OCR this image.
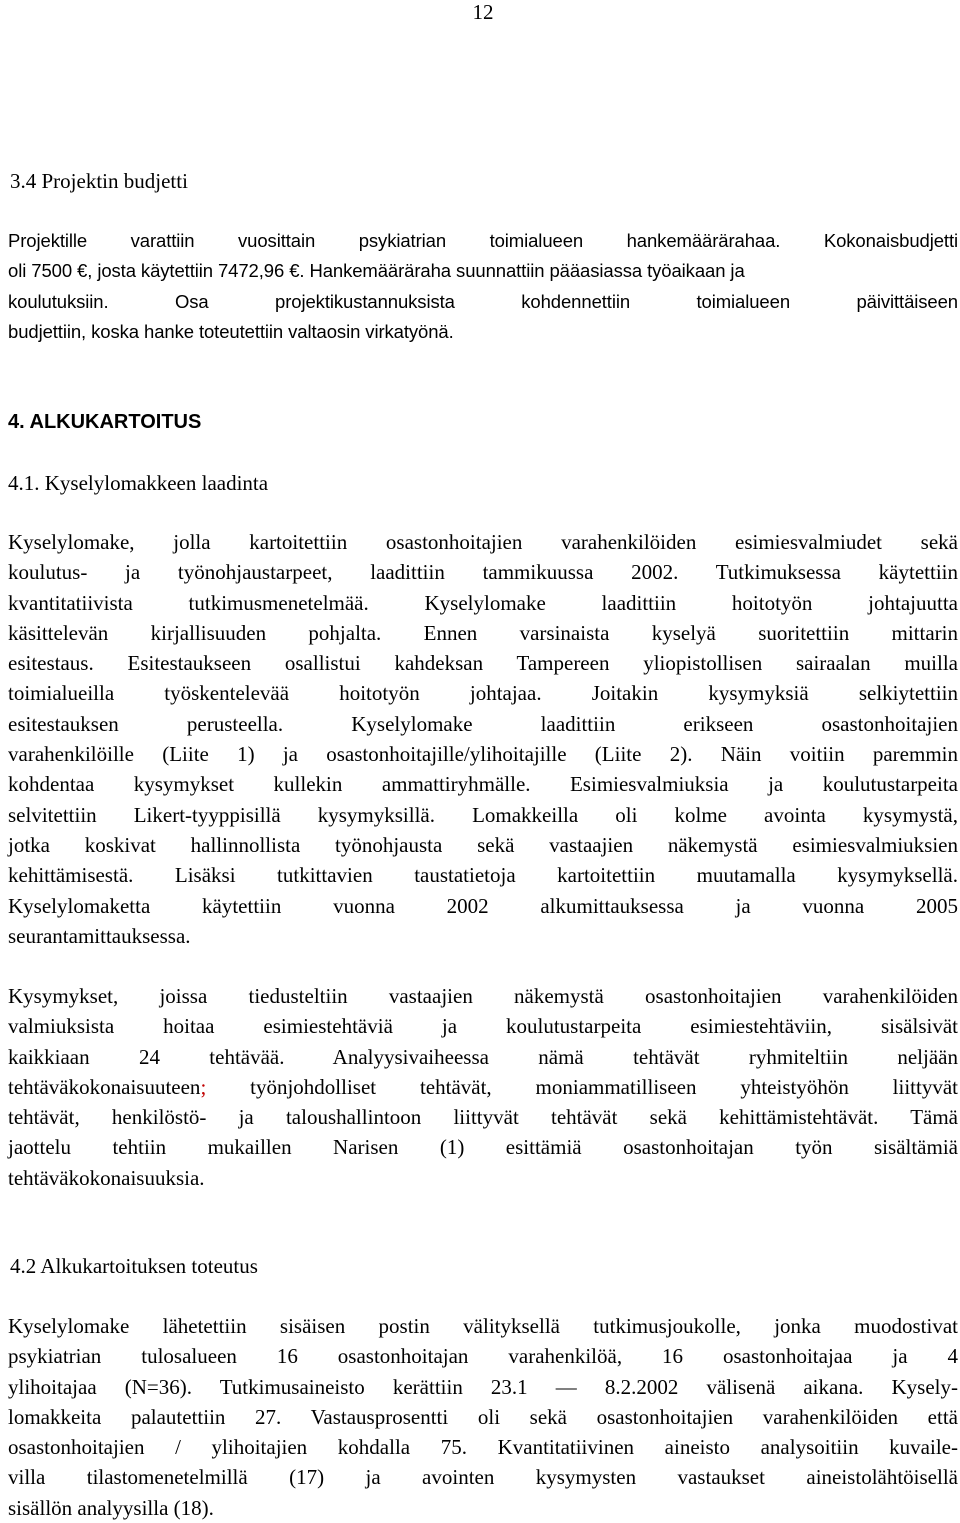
12
3.4 Projektin budjetti
Projektille varattiin vuosittain psykiatrian toimialueen hankemäärärahaa. Kokonaisbudjetti
oli 7500 €, josta käytettiin 7472,96 €. Hankemääräraha suunnattiin pääasiassa työaikaan ja
koulutuksiin. Osa projektikustannuksista kohdennettiin toimialueen päivittäiseen
budjettiin, koska hanke toteutettiin valtaosin virkatyönä.
4. ALKUKARTOITUS
4.1. Kyselylomakkeen laadinta
Kyselylomake, jolla kartoitettiin osastonhoitajien varahenkilöiden esimiesvalmiudet sekä
koulutus- ja työnohjaustarpeet, laadittiin tammikuussa 2002. Tutkimuksessa käytettiin
kvantitatiivista tutkimusmenetelmää. Kyselylomake laadittiin hoitotyön johtajuutta
käsittelevän kirjallisuuden pohjalta. Ennen varsinaista kyselyä suoritettiin mittarin
esitestaus. Esitestaukseen osallistui kahdeksan Tampereen yliopistollisen sairaalan muilla
toimialueilla työskentelevää hoitotyön johtajaa. Joitakin kysymyksiä selkiytettiin
esitestauksen perusteella. Kyselylomake laadittiin erikseen osastonhoitajien
varahenkilöille (Liite 1) ja osastonhoitajille/ylihoitajille (Liite 2). Näin voitiin paremmin
kohdentaa kysymykset kullekin ammattiryhmälle. Esimiesvalmiuksia ja koulutustarpeita
selvitettiin Likert-tyyppisillä kysymyksillä. Lomakkeilla oli kolme avointa kysymystä,
jotka koskivat hallinnollista työnohjausta sekä vastaajien näkemystä esimiesvalmiuksien
kehittämisestä. Lisäksi tutkittavien taustatietoja kartoitettiin muutamalla kysymyksellä.
Kyselylomaketta käytettiin vuonna 2002 alkumittauksessa ja vuonna 2005
seurantamittauksessa.
Kysymykset, joissa tiedusteltiin vastaajien näkemystä osastonhoitajien varahenkilöiden
valmiuksista hoitaa esimiestehtäviä ja koulutustarpeita esimiestehtäviin, sisälsivät
kaikkiaan 24 tehtävää. Analyysivaiheessa nämä tehtävät ryhmiteltiin neljään
tehtäväkokonaisuuteen; työnjohdolliset tehtävät, moniammatilliseen yhteistyöhön liittyvät
tehtävät, henkilöstö- ja taloushallintoon liittyvät tehtävät sekä kehittämistehtävät. Tämä
jaottelu tehtiin mukaillen Narisen (1) esittämiä osastonhoitajan työn sisältämiä
tehtäväkokonaisuuksia.
4.2 Alkukartoituksen toteutus
Kyselylomake lähetettiin sisäisen postin välityksellä tutkimusjoukolle, jonka muodostivat
psykiatrian tulosalueen 16 osastonhoitajan varahenkilöä, 16 osastonhoitajaa ja 4
ylihoitajaa (N=36). Tutkimusaineisto kerättiin 23.1 — 8.2.2002 välisenä aikana. Kysely-
lomakkeita palautettiin 27. Vastausprosentti oli sekä osastonhoitajien varahenkilöiden että
osastonhoitajien / ylihoitajien kohdalla 75. Kvantitatiivinen aineisto analysoitiin kuvaile-
villa tilastomenetelmillä (17) ja avointen kysymysten vastaukset aineistolähtöisellä
sisällön analyysilla (18).
